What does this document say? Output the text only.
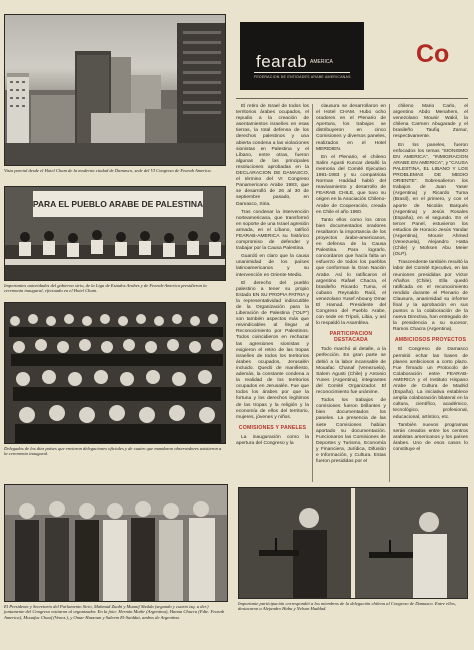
fearab AMERICA
FEDERACION DE ENTIDADES ARABE AMERICANAS
Co
Vista parcial desde el Hotel Cham de la moderna ciudad de Damasco, sede del VI Congreso de Fearab America.
PARA EL PUEBLO ARABE DE PALESTINA
Importantes autoridades del gobierno sirio, de la Liga de Estados Arabes y de Fearab-America presidieron la ceremonia inaugural, efectuada en el Hotel Cham.
Delegados de los diez países que enviaron delegaciones oficiales y de cuatro que mandaron observadores asistieron a la ceremonia inaugural.
El Presidente y Secretario del Parlamento Sirio, Mahmud Zuabi y Muanif Shalda (segundo y cuarto izq. a der.) juntamente del Congreso visitaron al organizador. En la foto: Hernán Muñir (Argentina), Hanna Chacra (Fdte. Fearab America), Mouafac Chauf (Venez.), y Omar Hazzoun y Saleem El-Saiddat, ambos de Argentina.
Importante participación correspondió a los miembros de la delegación chilena al Congreso de Damasco. Entre ellos, destacaron a Alejandro Haba y Nelson Haddad.

El retiro de Israel de todos los territorios árabes ocupados, el repudio a la creación de asentamientos israelíes en esas tierras, la total defensa de los derechos palestinos y una abierta condena a las violaciones sionistas en Palestina y el Líbano, entre otras, fueron algunas de las principales resoluciones aprobadas en la DECLARACION DE DAMASCO, el término del VI Congreso Panamericano Arabe 1983, que se desarrolló de 26 al 30 de septiembre pasado, en Damasco, Siria.

Tras condenar la intervención norteamericana, que transformó en soporte de una Israel agresión armada, en el Líbano, ratificó FEARAB-AMERICA su histórico compromiso de defender y trabajar por la Causa Palestina.

Guardó en claro que la causa unanimidad de los países latinoamericanos y su intervención en Oriente Medio.

El derecho del pueblo palestino a tener su propio Estado EN SU PROPIA PATRIA y la representatividad indiscutible de la Organización para la Liberación de Palestina ("OLP") son también aspectos más que reivindicables al llegar al Reconocimiento por Palestinos. Todos coincidieron en rechazar las agresiones sionistas y exigieron el retiro de las tropas israelíes de todos los territorios árabes ocupados, Jerusalén incluido. Quedó de manifiesto, además, la constante condena a la realidad de los territorios ocupados en Jerusalén. Fue que todos los árabes por que la fortuna y los derechos legítimos de las tropas y la religión y la economía de ellos del territorio, mujeres, jóvenes y niños.

COMISIONES Y PANELES

La inauguración como la apertura del Congreso y la

clausura se desarrollaron en el Hotel CHAM. Hubo ocho oradores en el Plenario de Apertura, los trabajos se distribuyeron en cinco Comisiones y diversos paneles, realizados en el Hotel MERIDIEN.

En el Plenario, el chileno Salim Agusti Kuncar detalló la memoria del Comité Ejecutivo 1981-1983 y su compatriota Norman Haddad habló del reavivamiento y desarrollo de FEARAB CHILE, que tuvo su origen en la Asociación Chileno-Arabe de Cooperación, creada en Chile el año 1960.

Tanto ellos como los otros bien documentados oradores resaltaron la importancia de los proyectos árabe-americanos, en defensa de la Causa Palestina. Para lograrlo, concordaron que hacía falta un esfuerzo de todos los pueblos que conforman la Gran Nación Arabe. Así lo ratificaron el argentino Rafael Chacra, el brasileño Ricardo Tuma, el cubano Reynaldo Raúl, el venezolano Yusef Abouny Omar El Hamad. Presidente del Congreso del Pueblo Arabe, con sede en Trípoli, Libia, y así lo respaldó la Asamblea.

PARTICIPACION DESTACADA

Todo marchó al detalle, a la perfección. En gran parte se debió a la labor incansable de Mouafac Chanaf (Venezuela), Salem Agusti (Chile) y Antonio Yunes (Argentina), integrantes del Comité Organizador. El reconocimiento fue unánime.

Todos los trabajos de comisiones fueron brillantes y bien documentados los paneles. La presencia de las siete Comisiones habían aportado su documentación. Funcionaron las Comisiones de Deportes y Turismo, Economía y Financiera, Jurídica, Difusión e Información, y Cultura. Estas fueron presididas por el

chileno Mario Carlo, el argentino Abdo Menahem, el venezolano Mounir Wakil, la chilena Carmen Abugarade y el brasileño Taufiq Zamur, respectivamente.

En los paneles, fueron enfocados los temas "SIONISMO EN AMERICA", "INMIGRACION ARABE EN AMERICA", y "CAUSA PALESTINA, EL LIBANO Y LOS PROBLEMAS DE MEDIO ORIENTE". Sobresalieron los trabajos de Juan Yaser (Argentina) y Ricardo Tuma (Brasil), en el primero, y con el aporte de Nicolás Barqués (Argentina) y Jesús Rosales (España), en el segundo. En el tercer Panel, estuvieron los estudios de Horacio Jesús Yandar (Argentina), Mounir Ahmed (Venezuela), Alejandro Hatta (Chile) y Mohsen Abu Meier (OLP).

Trascendente también resultó la labor del Comité Ejecutivo, en las reuniones presididas por Victor Añaños (Chile). Ella quedó ratificada en el reconocimiento rendido durante el Plenario de Clausura, ananimidad su informe final y la aprobación en sus puntos a la colaboración de la nueva Directiva, han entregado de la presidencia a su sucesor, Ramos Chacra (Argentina).

AMBICIOSOS PROYECTOS

El Congreso de Damasco permitió echar las bases de planes ambiciosos a corto plazo. Fue firmado un Protocolo de Colaboración entre FEARAB-AMERICA y el Instituto Hispano Arabe de Cultura de Madrid (España). La iniciativa establece amplia colaboración bilateral en la cultura, científico, académico, tecnológico, profesional, educacional, artístico, etc.

También nuevos programas serán creados entre los centros arabistas americanos y los países árabes. Uno de esos casos lo constituye el
